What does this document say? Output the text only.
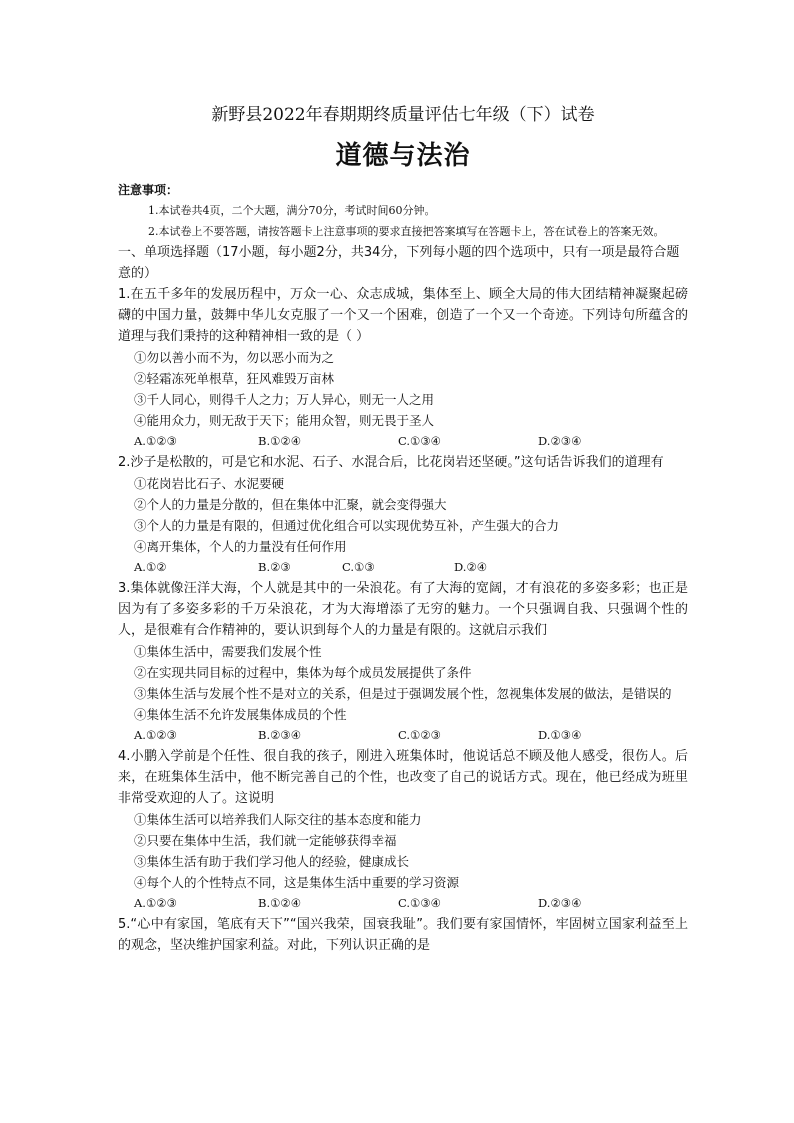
新野县2022年春期期终质量评估七年级（下）试卷
道德与法治
注意事项：
1.本试卷共4页，二个大题，满分70分，考试时间60分钟。
2.本试卷上不要答题，请按答题卡上注意事项的要求直接把答案填写在答题卡上，答在试卷上的答案无效。
一、单项选择题（17小题，每小题2分，共34分，下列每小题的四个选项中，只有一项是最符合题意的）
1.在五千多年的发展历程中，万众一心、众志成城，集体至上、顾全大局的伟大团结精神凝聚起磅礴的中国力量，鼓舞中华儿女克服了一个又一个困难，创造了一个又一个奇迹。下列诗句所蕴含的道理与我们秉持的这种精神相一致的是（ ）
①勿以善小而不为，勿以恶小而为之
②轻霜冻死单根草，狂风难毁万亩林
③千人同心，则得千人之力；万人异心，则无一人之用
④能用众力，则无敌于天下；能用众智，则无畏于圣人
A.①②③	B.①②④	C.①③④	D.②③④
2.沙子是松散的，可是它和水泥、石子、水混合后，比花岗岩还坚硬。”这句话告诉我们的道理有
①花岗岩比石子、水泥要硬
②个人的力量是分散的，但在集体中汇聚，就会变得强大
③个人的力量是有限的，但通过优化组合可以实现优势互补，产生强大的合力
④离开集体，个人的力量没有任何作用
A.①②	B.②③	C.①③	D.②④
3.集体就像汪洋大海，个人就是其中的一朵浪花。有了大海的宽阔，才有浪花的多姿多彩；也正是因为有了多姿多彩的千万朵浪花，才为大海增添了无穷的魅力。一个只强调自我、只强调个性的人，是很难有合作精神的，要认识到每个人的力量是有限的。这就启示我们
①集体生活中，需要我们发展个性
②在实现共同目标的过程中，集体为每个成员发展提供了条件
③集体生活与发展个性不是对立的关系，但是过于强调发展个性，忽视集体发展的做法，是错误的
④集体生活不允许发展集体成员的个性
A.①②③	B.②③④	C.①②③	D.①③④
4.小鹏入学前是个任性、很自我的孩子，刚进入班集体时，他说话总不顾及他人感受，很伤人。后来，在班集体生活中，他不断完善自己的个性，也改变了自己的说话方式。现在，他已经成为班里非常受欢迎的人了。这说明
①集体生活可以培养我们人际交往的基本态度和能力
②只要在集体中生活，我们就一定能够获得幸福
③集体生活有助于我们学习他人的经验，健康成长
④每个人的个性特点不同，这是集体生活中重要的学习资源
A.①②③	B.①②④	C.①③④	D.②③④
5.“心中有家国，笔底有天下”“国兴我荣，国衰我耻”。我们要有家国情怀，牢固树立国家利益至上的观念，坚决维护国家利益。对此，下列认识正确的是
